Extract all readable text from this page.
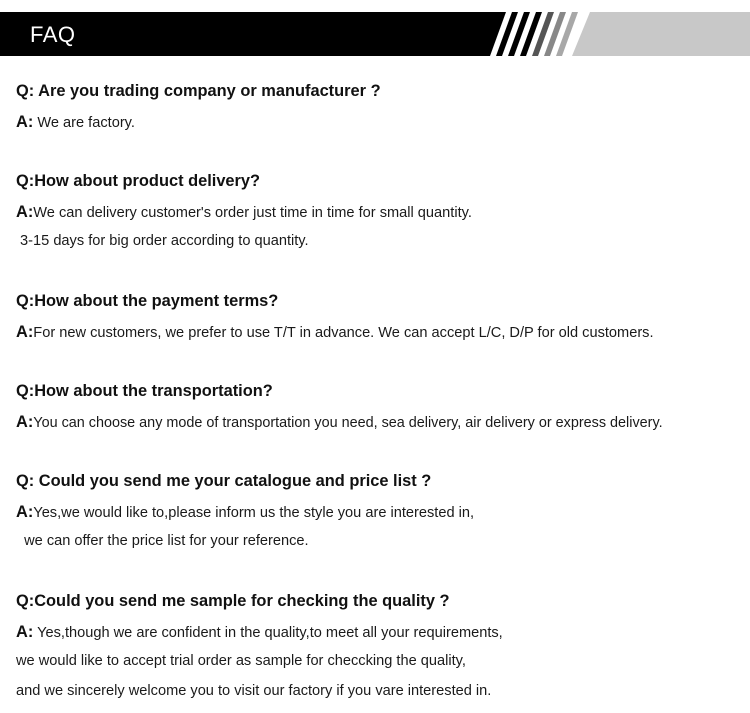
FAQ
Q: Are you trading company or manufacturer ?
A: We are factory.
Q:How about product delivery?
A:We can delivery customer's order just time in time for small quantity.
3-15 days for big order according to quantity.
Q:How about the payment terms?
A:For new customers, we prefer to use T/T in advance. We can accept L/C, D/P for old customers.
Q:How about the transportation?
A:You can choose any mode of transportation you need, sea delivery, air delivery or express delivery.
Q: Could you send me your catalogue and price list ?
A:Yes,we would like to,please inform us the style you are interested in,
we can offer the price list for your reference.
Q:Could you send me sample for checking the quality ?
A: Yes,though we are confident in the quality,to meet all your requirements,
we would like to accept trial order as sample for checcking the quality,
and we sincerely welcome you to visit our factory if you vare interested in.
